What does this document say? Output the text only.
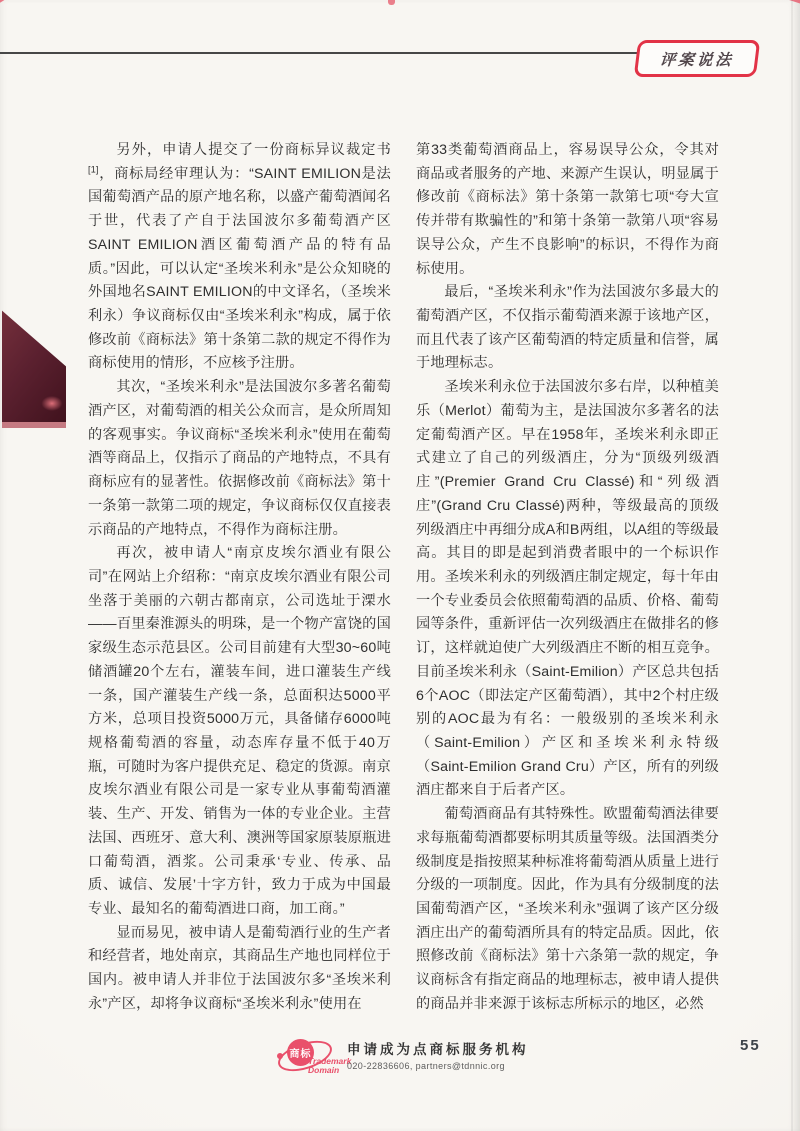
评案说法

另外，申请人提交了一份商标异议裁定书[1]，商标局经审理认为：“SAINT EMILION是法国葡萄酒产品的原产地名称，以盛产葡萄酒闻名于世，代表了产自于法国波尔多葡萄酒产区SAINT EMILION酒区葡萄酒产品的特有品质。”因此，可以认定“圣埃米利永”是公众知晓的外国地名SAINT EMILION的中文译名，（圣埃米利永）争议商标仅由“圣埃米利永”构成，属于依修改前《商标法》第十条第二款的规定不得作为商标使用的情形，不应核予注册。

其次，“圣埃米利永”是法国波尔多著名葡萄酒产区，对葡萄酒的相关公众而言，是众所周知的客观事实。争议商标“圣埃米利永”使用在葡萄酒等商品上，仅指示了商品的产地特点，不具有商标应有的显著性。依据修改前《商标法》第十一条第一款第二项的规定，争议商标仅仅直接表示商品的产地特点，不得作为商标注册。

再次，被申请人“南京皮埃尔酒业有限公司”在网站上介绍称：“南京皮埃尔酒业有限公司坐落于美丽的六朝古都南京，公司选址于溧水——百里秦淮源头的明珠，是一个物产富饶的国家级生态示范县区。公司目前建有大型30~60吨储酒罐20个左右，灌装车间，进口灌装生产线一条，国产灌装生产线一条，总面积达5000平方米，总项目投资5000万元，具备储存6000吨规格葡萄酒的容量，动态库存量不低于40万瓶，可随时为客户提供充足、稳定的货源。南京皮埃尔酒业有限公司是一家专业从事葡萄酒灌装、生产、开发、销售为一体的专业企业。主营法国、西班牙、意大利、澳洲等国家原装原瓶进口葡萄酒，酒浆。公司秉承‘专业、传承、品质、诚信、发展’十字方针，致力于成为中国最专业、最知名的葡萄酒进口商，加工商。”

显而易见，被申请人是葡萄酒行业的生产者和经营者，地处南京，其商品生产地也同样位于国内。被申请人并非位于法国波尔多“圣埃米利永”产区，却将争议商标“圣埃米利永”使用在

第33类葡萄酒商品上，容易误导公众，令其对商品或者服务的产地、来源产生误认，明显属于修改前《商标法》第十条第一款第七项“夸大宣传并带有欺骗性的”和第十条第一款第八项“容易误导公众，产生不良影响”的标识，不得作为商标使用。

最后，“圣埃米利永”作为法国波尔多最大的葡萄酒产区，不仅指示葡萄酒来源于该地产区，而且代表了该产区葡萄酒的特定质量和信誉，属于地理标志。

圣埃米利永位于法国波尔多右岸，以种植美乐（Merlot）葡萄为主，是法国波尔多著名的法定葡萄酒产区。早在1958年，圣埃米利永即正式建立了自己的列级酒庄，分为“顶级列级酒庄”(Premier Grand Cru Classé)和“列级酒庄”(Grand Cru Classé)两种，等级最高的顶级列级酒庄中再细分成A和B两组，以A组的等级最高。其目的即是起到消费者眼中的一个标识作用。圣埃米利永的列级酒庄制定规定，每十年由一个专业委员会依照葡萄酒的品质、价格、葡萄园等条件，重新评估一次列级酒庄在做排名的修订，这样就迫使广大列级酒庄不断的相互竞争。目前圣埃米利永（Saint-Emilion）产区总共包括6个AOC（即法定产区葡萄酒），其中2个村庄级别的AOC最为有名：一般级别的圣埃米利永（Saint-Emilion）产区和圣埃米利永特级（Saint-Emilion Grand Cru）产区，所有的列级酒庄都来自于后者产区。

葡萄酒商品有其特殊性。欧盟葡萄酒法律要求每瓶葡萄酒都要标明其质量等级。法国酒类分级制度是指按照某种标准将葡萄酒从质量上进行分级的一项制度。因此，作为具有分级制度的法国葡萄酒产区，“圣埃米利永”强调了该产区分级酒庄出产的葡萄酒所具有的特定品质。因此，依照修改前《商标法》第十六条第一款的规定，争议商标含有指定商品的地理标志，被申请人提供的商品并非来源于该标志所标示的地区，必然

商标
Trademark
Domain
申请成为点商标服务机构
020-22836606, partners@tdnnic.org
55
